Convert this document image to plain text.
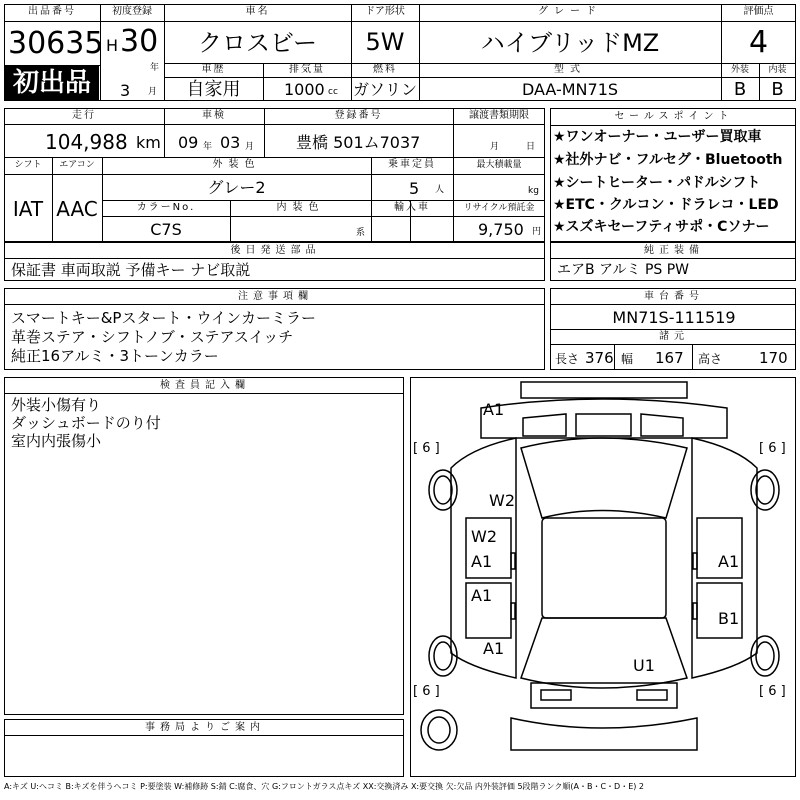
出品番号
30635
初出品
初度登録
H 30
年
3 月
車名
クロスビー
ドア形状
5W
グレード
ハイブリッドMZ
評価点
4
車歴
自家用
排気量
1000 cc
燃料
ガソリン
型式
DAA-MN71S
外装
B
内装
B
走行
104,988 km
車検
09 年 03 月
登録番号
豊橋 501ム7037
譲渡書類期限
月	日
シフト
IAT
エアコン
AAC
外装色
グレー2
乗車定員
5 人
最大積載量
kg
カラーNo.
C7S
内装色
系
輸入車	リサイクル預託金
9,750 円
セールスポイント
★ワンオーナー・ユーザー買取車
★社外ナビ・フルセグ・Bluetooth
★シートヒーター・パドルシフト
★ETC・クルコン・ドラレコ・LED
★スズキセーフティサポ・Cソナー
後日発送部品
保証書 車両取説 予備キー ナビ取説
純正装備
エアB アルミ PS PW
注意事項欄
スマートキー&Pスタート・ウインカーミラー
革巻ステア・シフトノブ・ステアスイッチ
純正16アルミ・3トーンカラー
車台番号
MN71S-111519
諸元
長さ 376 幅 167 高さ 170
検査員記入欄
外装小傷有り
ダッシュボードのり付
室内内張傷小
事務局よりご案内
A1
W2
W2
A1	A1
A1
B1
A1
U1
[ 6 ]	[ 6 ]
[ 6 ]	[ 6 ]
A:キズ U:ヘコミ B:キズを伴うヘコミ P:要塗装 W:補修跡 S:錆 C:腐食、穴 G:フロントガラス点キズ XX:交換済み X:要交換 欠:欠品 内外装評価 5段階ランク順(A・B・C・D・E) 2
